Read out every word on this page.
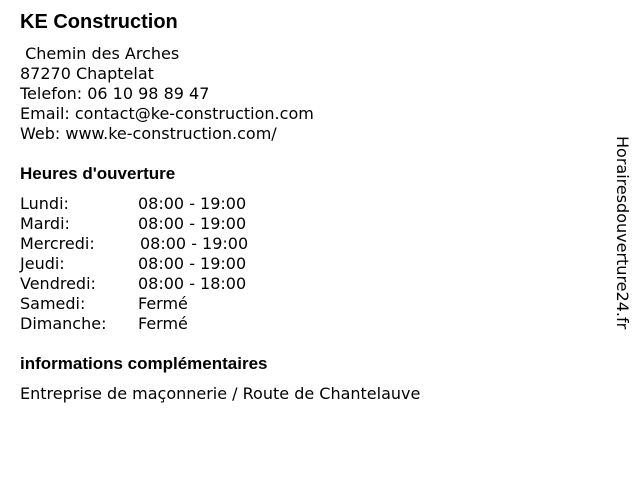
KE Construction
Chemin des Arches
87270 Chaptelat
Telefon: 06 10 98 89 47
Email: contact@ke-construction.com
Web: www.ke-construction.com/
Heures d'ouverture
Lundi:	08:00 - 19:00
Mardi:	08:00 - 19:00
Mercredi:	08:00 - 19:00
Jeudi:	08:00 - 19:00
Vendredi:	08:00 - 18:00
Samedi:	Fermé
Dimanche: Fermé
informations complémentaires
Entreprise de maçonnerie / Route de Chantelauve
Horairesdouverture24.fr
